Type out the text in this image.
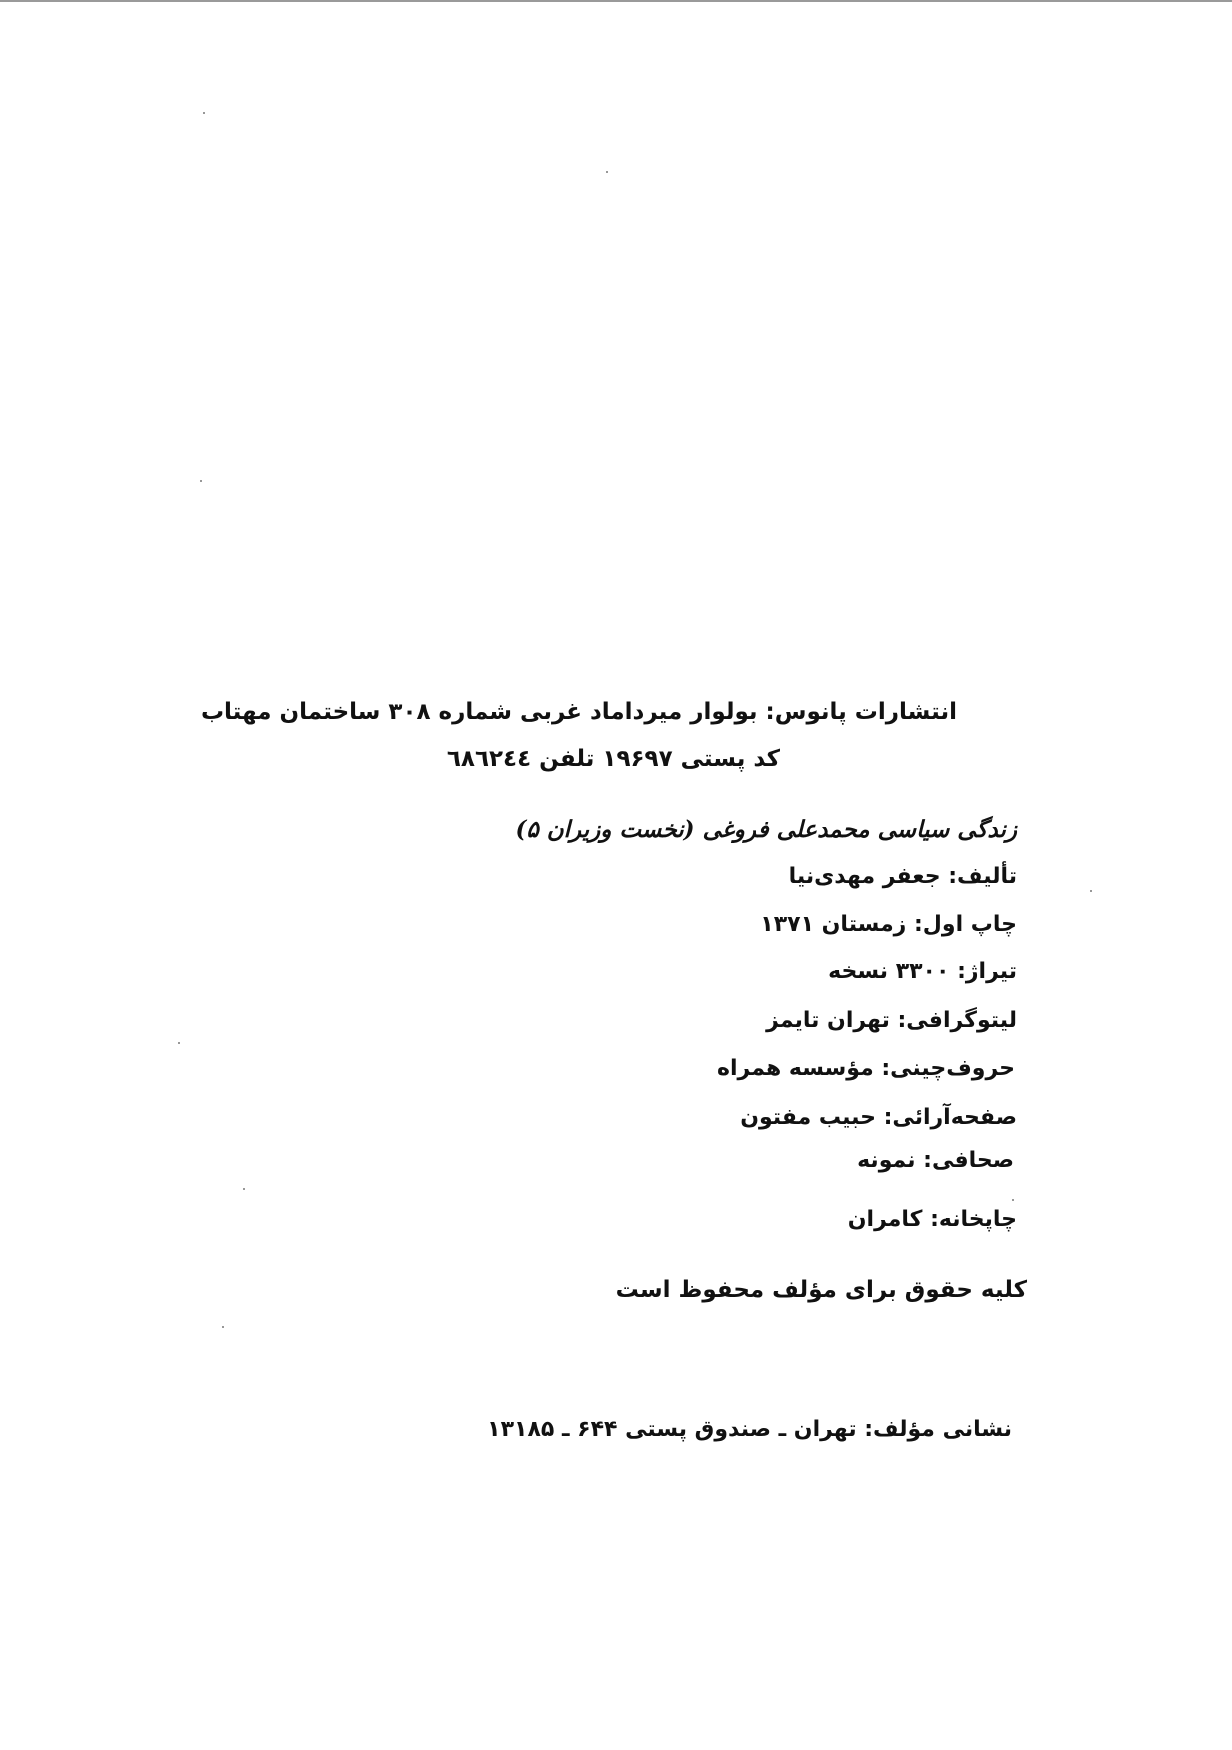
انتشارات پانوس: بولوار میرداماد غربی شماره ۳۰۸ ساختمان مهتاب
کد پستی ۱۹۶۹۷ تلفن ٦٨٦٢٤٤
زندگی سیاسی محمدعلی فروغی (نخست وزیران ۵)
تألیف: جعفر مهدی‌نیا
چاپ اول: زمستان ۱۳۷۱
تیراژ: ۳۳۰۰ نسخه
لیتوگرافی: تهران تایمز
حروف‌چینی: مؤسسه همراه
صفحه‌آرائی: حبیب مفتون
صحافی: نمونه
چاپخانه: کامران
کلیه حقوق برای مؤلف محفوظ است
نشانی مؤلف: تهران ـ صندوق پستی ۶۴۴ ـ ۱۳۱۸۵
